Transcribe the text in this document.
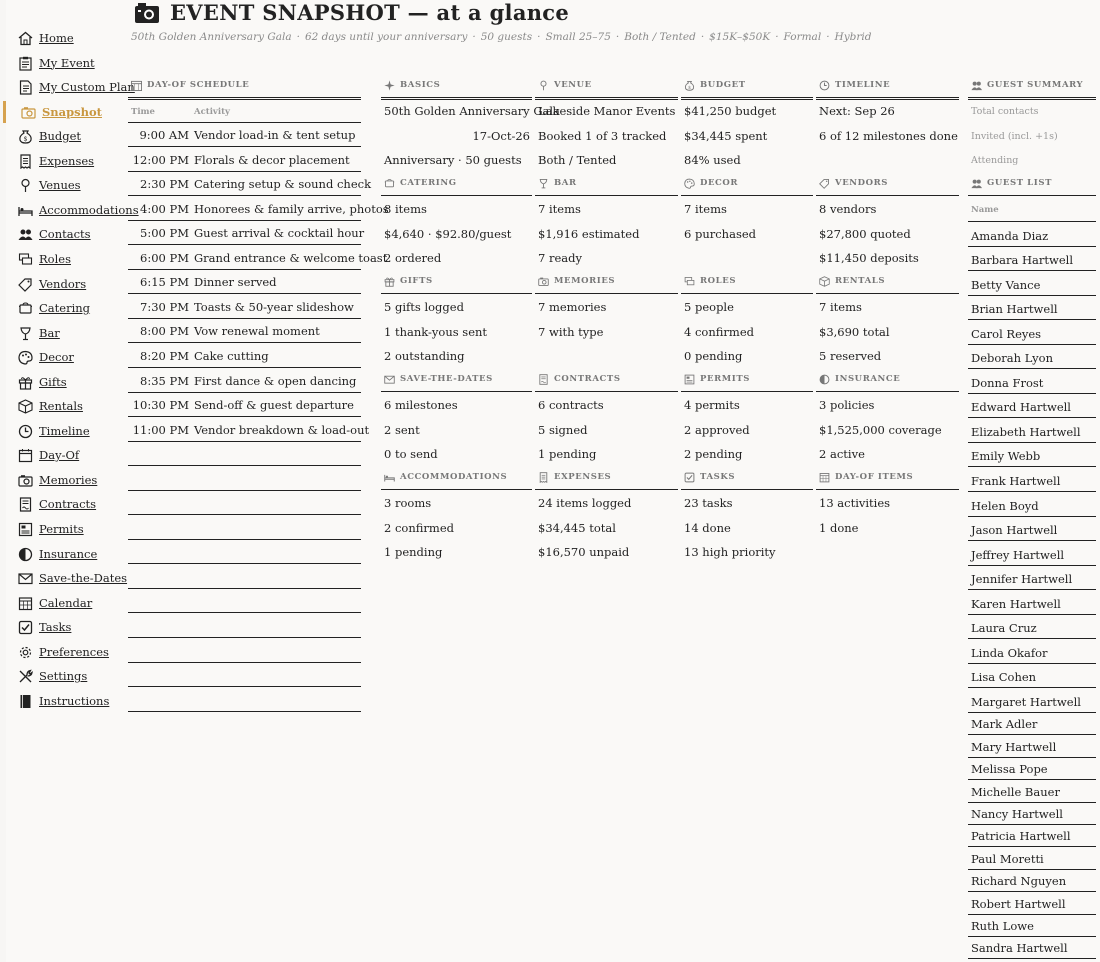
EVENT SNAPSHOT — at a glance
50th Golden Anniversary Gala · 62 days until your anniversary · 50 guests · Small 25–75 · Both / Tented · $15K–$50K · Formal · Hybrid
Home
My Event
My Custom Plan
Snapshot
$ Budget
Expenses
Venues
Accommodations
Contacts
Roles
Vendors
Catering
Bar
Decor
Gifts
Rentals
Timeline
Day-Of
Memories
Contracts
Permits
Insurance
Save-the-Dates
Calendar
Tasks
Preferences
Settings
Instructions
DAY-OF SCHEDULE
Time	Activity
9:00 AM Vendor load-in & tent setup
12:00 PM Florals & decor placement
2:30 PM Catering setup & sound check
4:00 PM Honorees & family arrive, photos
5:00 PM Guest arrival & cocktail hour
6:00 PM Grand entrance & welcome toast
6:15 PM Dinner served
7:30 PM Toasts & 50-year slideshow
8:00 PM Vow renewal moment
8:20 PM Cake cutting
8:35 PM First dance & open dancing
10:30 PM Send-off & guest departure
11:00 PM Vendor breakdown & load-out
BASICS
50th Golden Anniversary Gala
17-Oct-26
Anniversary · 50 guests
VENUE
Lakeside Manor Events
Booked 1 of 3 tracked
Both / Tented
$ BUDGET
$41,250 budget
$34,445 spent
84% used
TIMELINE
Next: Sep 26
6 of 12 milestones done
CATERING
8 items
$4,640 · $92.80/guest
2 ordered
BAR
7 items
$1,916 estimated
7 ready
DECOR
7 items
6 purchased
VENDORS
8 vendors
$27,800 quoted
$11,450 deposits
GIFTS
5 gifts logged
1 thank-yous sent
2 outstanding
MEMORIES
7 memories
7 with type
ROLES
5 people
4 confirmed
0 pending
RENTALS
7 items
$3,690 total
5 reserved
SAVE-THE-DATES
6 milestones
2 sent
0 to send
CONTRACTS
6 contracts
5 signed
1 pending
PERMITS
4 permits
2 approved
2 pending
INSURANCE
3 policies
$1,525,000 coverage
2 active
ACCOMMODATIONS
3 rooms
2 confirmed
1 pending
EXPENSES
24 items logged
$34,445 total
$16,570 unpaid
TASKS
23 tasks
14 done
13 high priority
DAY-OF ITEMS
13 activities
1 done
GUEST SUMMARY
Total contacts
Invited (incl. +1s)
Attending
GUEST LIST
Name
Amanda Diaz
Barbara Hartwell
Betty Vance
Brian Hartwell
Carol Reyes
Deborah Lyon
Donna Frost
Edward Hartwell
Elizabeth Hartwell
Emily Webb
Frank Hartwell
Helen Boyd
Jason Hartwell
Jeffrey Hartwell
Jennifer Hartwell
Karen Hartwell
Laura Cruz
Linda Okafor
Lisa Cohen
Margaret Hartwell
Mark Adler
Mary Hartwell
Melissa Pope
Michelle Bauer
Nancy Hartwell
Patricia Hartwell
Paul Moretti
Richard Nguyen
Robert Hartwell
Ruth Lowe
Sandra Hartwell
